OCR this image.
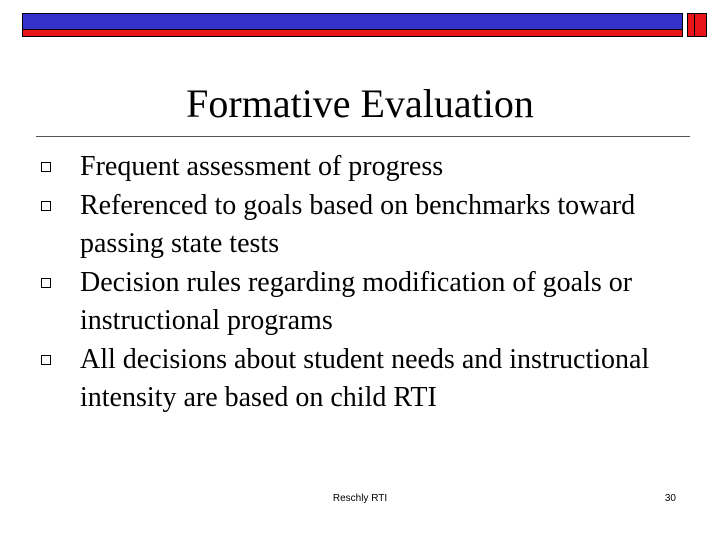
Formative Evaluation
Frequent assessment of progress
Referenced to goals based on benchmarks toward passing state tests
Decision rules regarding modification of goals or instructional programs
All decisions about student needs and instructional intensity are based on child RTI
Reschly RTI	30
